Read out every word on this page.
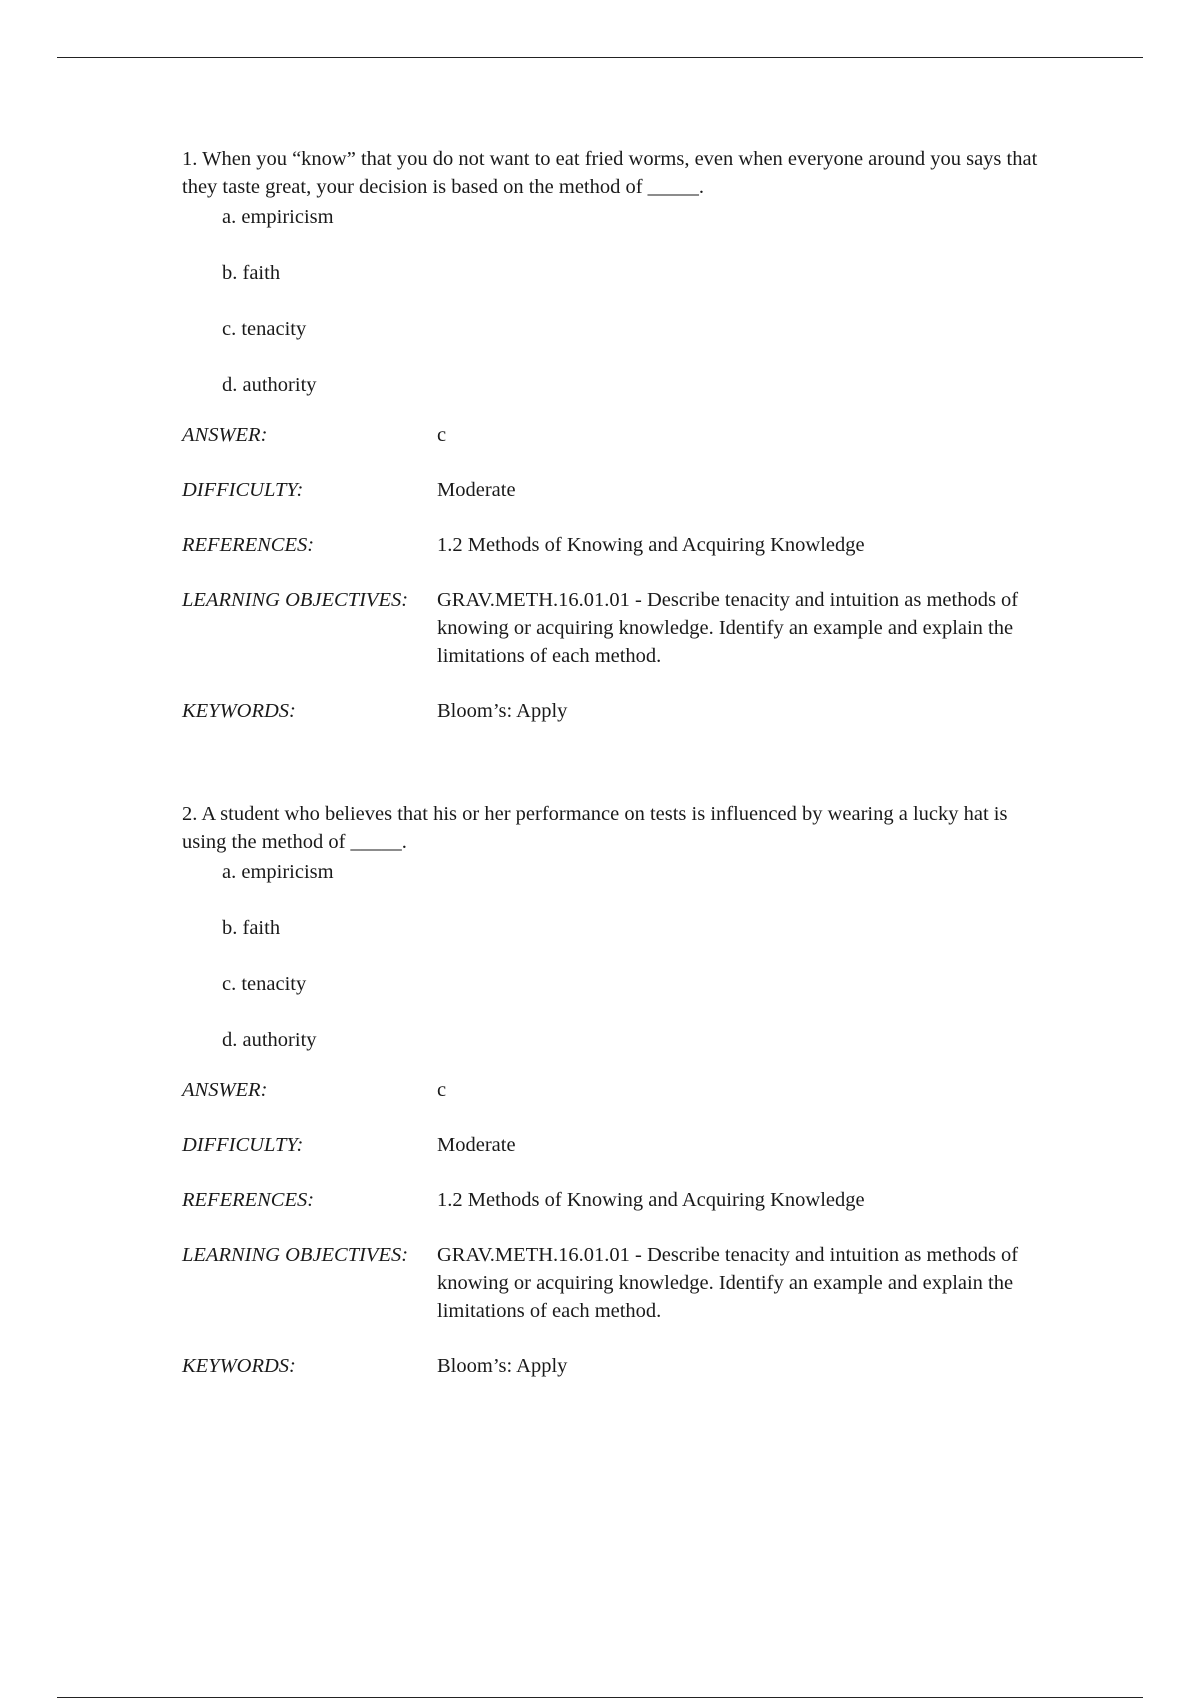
1. When you “know” that you do not want to eat fried worms, even when everyone around you says that they taste great, your decision is based on the method of _____.

a. empiricism
b. faith
c. tenacity
d. authority
ANSWER:	c
DIFFICULTY:	Moderate
REFERENCES:	1.2 Methods of Knowing and Acquiring Knowledge
LEARNING OBJECTIVES:	GRAV.METH.16.01.01 - Describe tenacity and intuition as methods of knowing or acquiring knowledge. Identify an example and explain the limitations of each method.
KEYWORDS:	Bloom’s: Apply

2. A student who believes that his or her performance on tests is influenced by wearing a lucky hat is using the method of _____.

a. empiricism
b. faith
c. tenacity
d. authority
ANSWER:	c
DIFFICULTY:	Moderate
REFERENCES:	1.2 Methods of Knowing and Acquiring Knowledge
LEARNING OBJECTIVES:	GRAV.METH.16.01.01 - Describe tenacity and intuition as methods of knowing or acquiring knowledge. Identify an example and explain the limitations of each method.
KEYWORDS:	Bloom’s: Apply
